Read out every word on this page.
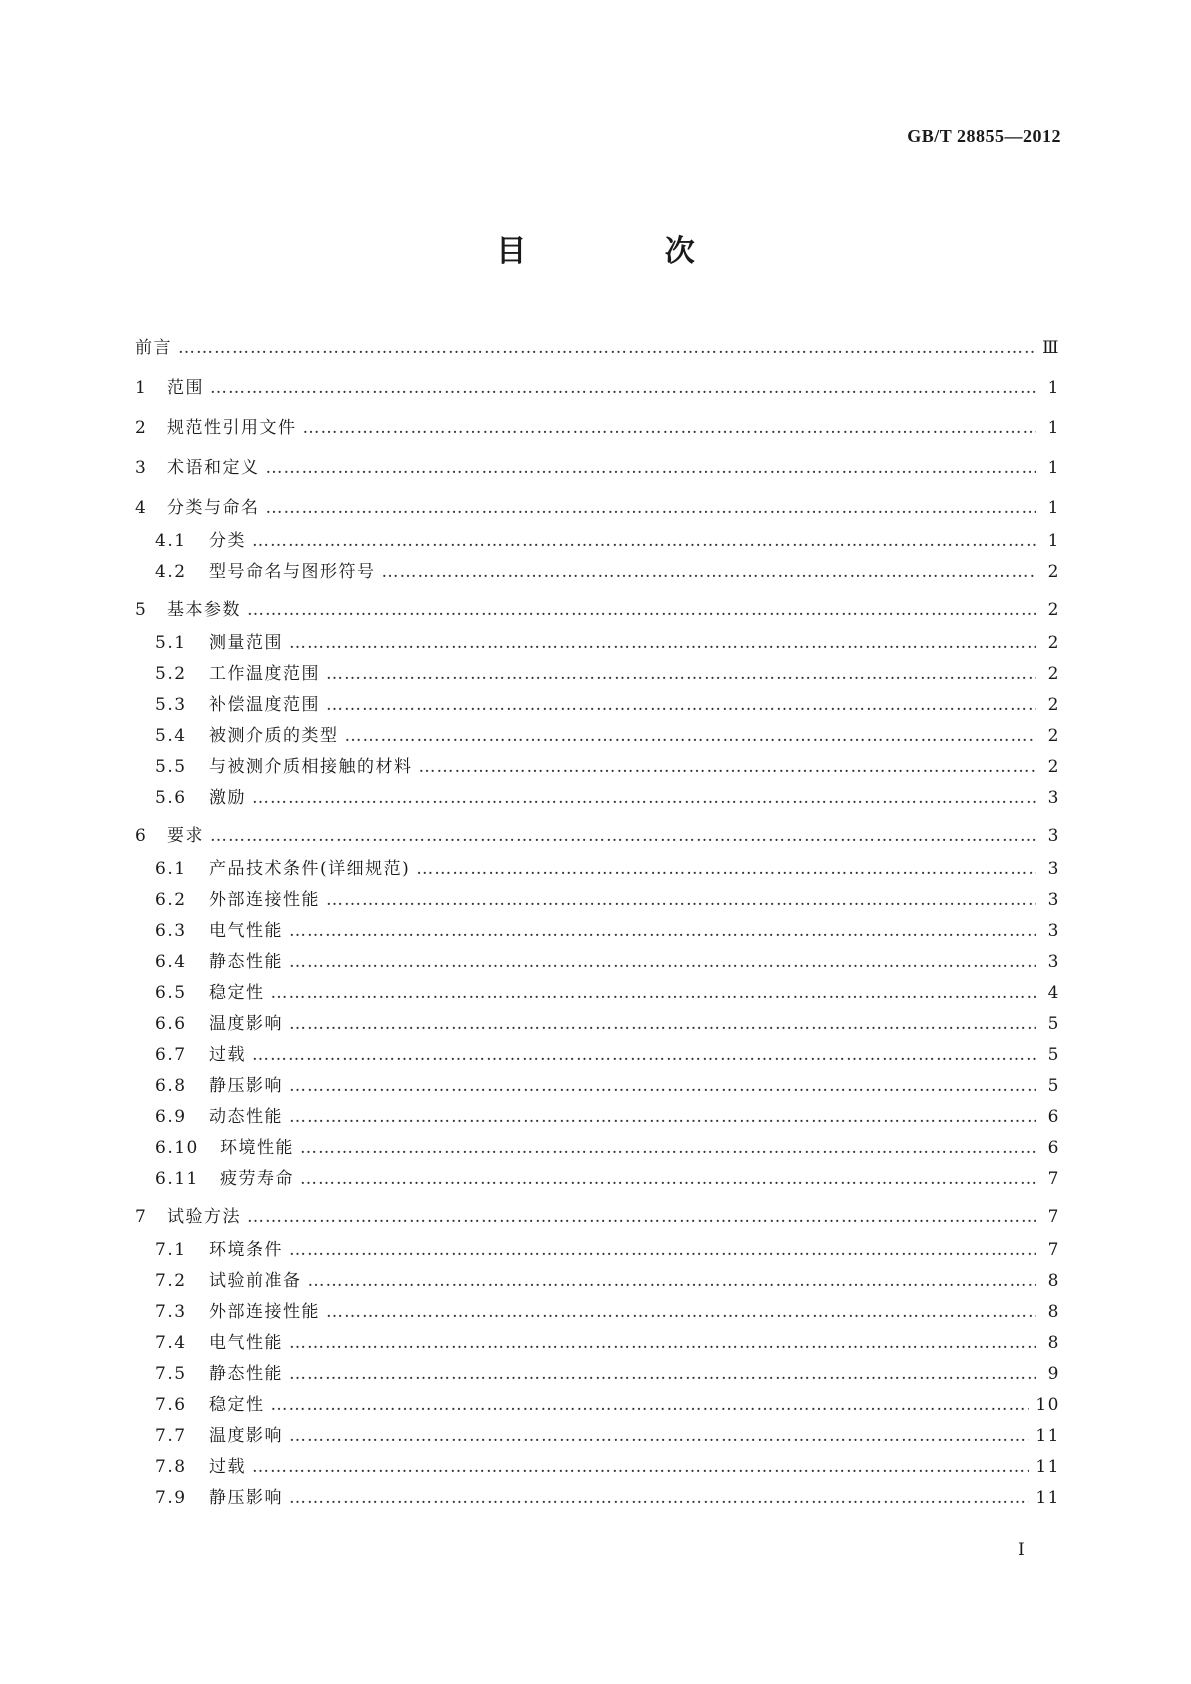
GB/T 28855—2012
目 次
前言 ……………………………………………………………………………………………………………………………………………………………………………………………	Ⅲ
1	范围 ……………………………………………………………………………………………………………………………………………………………………………………………	1
2	规范性引用文件 ……………………………………………………………………………………………………………………………………………………………………………………………	1
3	术语和定义 ……………………………………………………………………………………………………………………………………………………………………………………………	1
4	分类与命名 ……………………………………………………………………………………………………………………………………………………………………………………………	1
4.1	分类 ……………………………………………………………………………………………………………………………………………………………………………………………	1
4.2	型号命名与图形符号 ……………………………………………………………………………………………………………………………………………………………………………………………	2
5	基本参数 ……………………………………………………………………………………………………………………………………………………………………………………………	2
5.1	测量范围 ……………………………………………………………………………………………………………………………………………………………………………………………	2
5.2	工作温度范围 ……………………………………………………………………………………………………………………………………………………………………………………………	2
5.3	补偿温度范围 ……………………………………………………………………………………………………………………………………………………………………………………………	2
5.4	被测介质的类型 ……………………………………………………………………………………………………………………………………………………………………………………………	2
5.5	与被测介质相接触的材料 ……………………………………………………………………………………………………………………………………………………………………………………………	2
5.6	激励 ……………………………………………………………………………………………………………………………………………………………………………………………	3
6	要求 ……………………………………………………………………………………………………………………………………………………………………………………………	3
6.1	产品技术条件(详细规范) ……………………………………………………………………………………………………………………………………………………………………………………………	3
6.2	外部连接性能 ……………………………………………………………………………………………………………………………………………………………………………………………	3
6.3	电气性能 ……………………………………………………………………………………………………………………………………………………………………………………………	3
6.4	静态性能 ……………………………………………………………………………………………………………………………………………………………………………………………	3
6.5	稳定性 ……………………………………………………………………………………………………………………………………………………………………………………………	4
6.6	温度影响 ……………………………………………………………………………………………………………………………………………………………………………………………	5
6.7	过载 ……………………………………………………………………………………………………………………………………………………………………………………………	5
6.8	静压影响 ……………………………………………………………………………………………………………………………………………………………………………………………	5
6.9	动态性能 ……………………………………………………………………………………………………………………………………………………………………………………………	6
6.10	环境性能 ……………………………………………………………………………………………………………………………………………………………………………………………	6
6.11	疲劳寿命 ……………………………………………………………………………………………………………………………………………………………………………………………	7
7	试验方法 ……………………………………………………………………………………………………………………………………………………………………………………………	7
7.1	环境条件 ……………………………………………………………………………………………………………………………………………………………………………………………	7
7.2	试验前准备 ……………………………………………………………………………………………………………………………………………………………………………………………	8
7.3	外部连接性能 ……………………………………………………………………………………………………………………………………………………………………………………………	8
7.4	电气性能 ……………………………………………………………………………………………………………………………………………………………………………………………	8
7.5	静态性能 ……………………………………………………………………………………………………………………………………………………………………………………………	9
7.6	稳定性 ……………………………………………………………………………………………………………………………………………………………………………………………	10
7.7	温度影响 ……………………………………………………………………………………………………………………………………………………………………………………………	11
7.8	过载 ……………………………………………………………………………………………………………………………………………………………………………………………	11
7.9	静压影响 ……………………………………………………………………………………………………………………………………………………………………………………………	11
I
